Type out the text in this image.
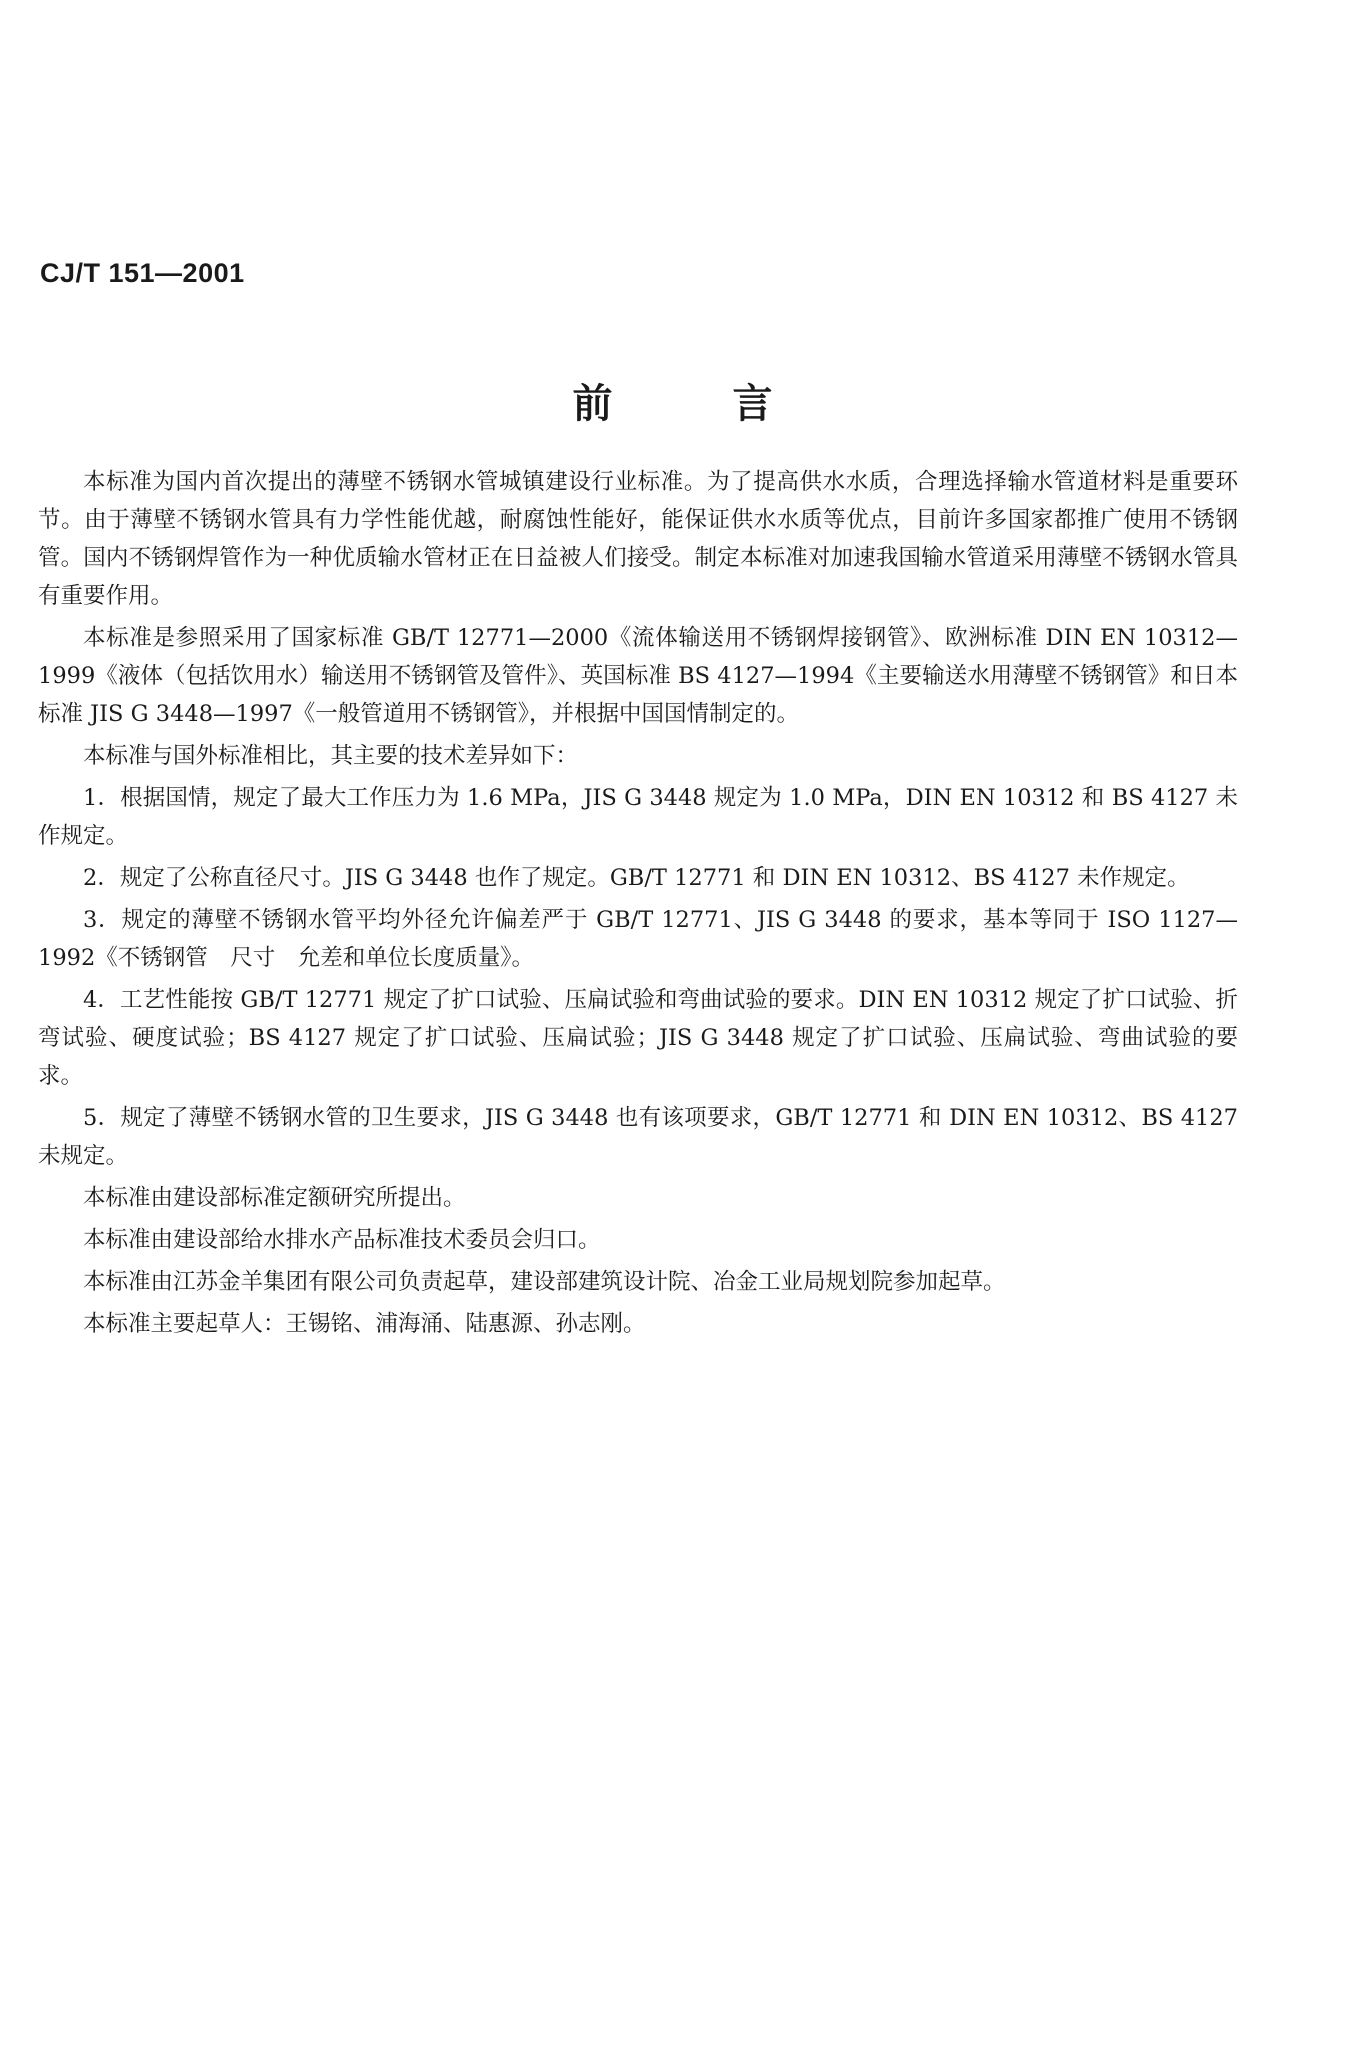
CJ/T 151—2001
前言

本标准为国内首次提出的薄壁不锈钢水管城镇建设行业标准。为了提高供水水质，合理选择输水管道材料是重要环节。由于薄壁不锈钢水管具有力学性能优越，耐腐蚀性能好，能保证供水水质等优点，目前许多国家都推广使用不锈钢管。国内不锈钢焊管作为一种优质输水管材正在日益被人们接受。制定本标准对加速我国输水管道采用薄壁不锈钢水管具有重要作用。

本标准是参照采用了国家标准 GB/T 12771—2000《流体输送用不锈钢焊接钢管》、欧洲标准 DIN EN 10312—1999《液体（包括饮用水）输送用不锈钢管及管件》、英国标准 BS 4127—1994《主要输送水用薄壁不锈钢管》和日本标准 JIS G 3448—1997《一般管道用不锈钢管》，并根据中国国情制定的。

本标准与国外标准相比，其主要的技术差异如下：

1．根据国情，规定了最大工作压力为 1.6 MPa，JIS G 3448 规定为 1.0 MPa，DIN EN 10312 和 BS 4127 未作规定。

2．规定了公称直径尺寸。JIS G 3448 也作了规定。GB/T 12771 和 DIN EN 10312、BS 4127 未作规定。

3．规定的薄壁不锈钢水管平均外径允许偏差严于 GB/T 12771、JIS G 3448 的要求，基本等同于 ISO 1127—1992《不锈钢管　尺寸　允差和单位长度质量》。

4．工艺性能按 GB/T 12771 规定了扩口试验、压扁试验和弯曲试验的要求。DIN EN 10312 规定了扩口试验、折弯试验、硬度试验；BS 4127 规定了扩口试验、压扁试验；JIS G 3448 规定了扩口试验、压扁试验、弯曲试验的要求。

5．规定了薄壁不锈钢水管的卫生要求，JIS G 3448 也有该项要求，GB/T 12771 和 DIN EN 10312、BS 4127 未规定。

本标准由建设部标准定额研究所提出。

本标准由建设部给水排水产品标准技术委员会归口。

本标准由江苏金羊集团有限公司负责起草，建设部建筑设计院、冶金工业局规划院参加起草。

本标准主要起草人：王锡铭、浦海涌、陆惠源、孙志刚。
